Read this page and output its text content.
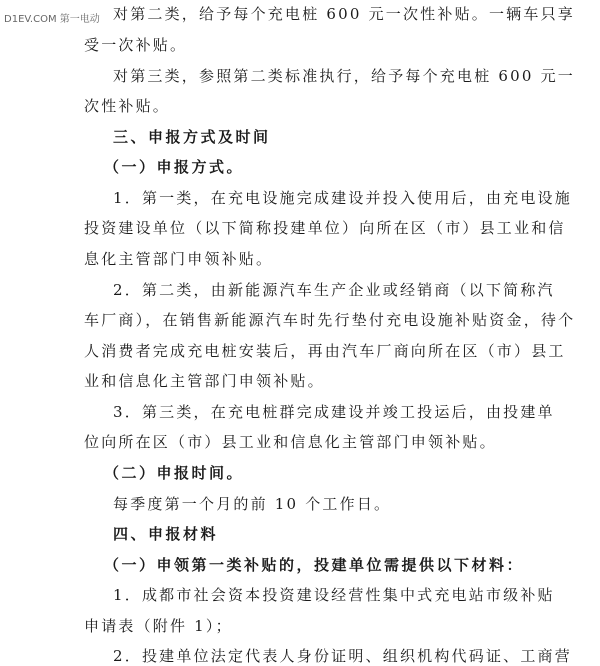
D1EV.COM 第一电动 对第二类，给予每个充电桩 600 元一次性补贴。一辆车只享
受一次补贴。
对第三类，参照第二类标准执行，给予每个充电桩 600 元一
次性补贴。
三、申报方式及时间
（一）申报方式。
1．第一类，在充电设施完成建设并投入使用后，由充电设施
投资建设单位（以下简称投建单位）向所在区（市）县工业和信
息化主管部门申领补贴。
2．第二类，由新能源汽车生产企业或经销商（以下简称汽
车厂商），在销售新能源汽车时先行垫付充电设施补贴资金，待个
人消费者完成充电桩安装后，再由汽车厂商向所在区（市）县工
业和信息化主管部门申领补贴。
3．第三类，在充电桩群完成建设并竣工投运后，由投建单
位向所在区（市）县工业和信息化主管部门申领补贴。
（二）申报时间。
每季度第一个月的前 10 个工作日。
四、申报材料
（一）申领第一类补贴的，投建单位需提供以下材料：
1．成都市社会资本投资建设经营性集中式充电站市级补贴
申请表（附件 1）；
2．投建单位法定代表人身份证明、组织机构代码证、工商营
